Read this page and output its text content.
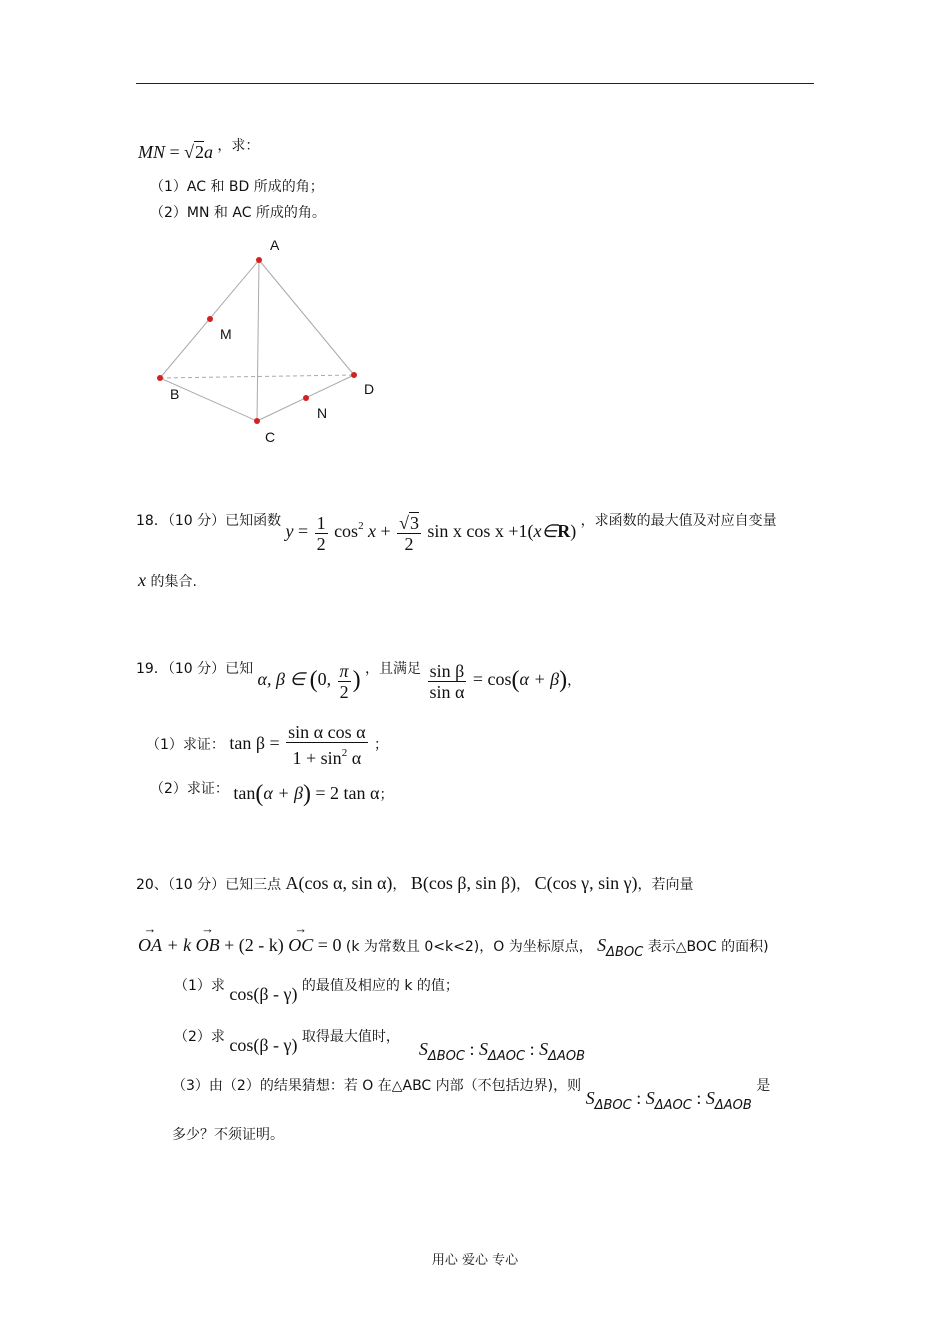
MN = √2a ，求：
（1）AC 和 BD 所成的角；
（2）MN 和 AC 所成的角。
A
M
B	D
N
C
18．（10 分）已知函数 $y = \frac{1}{2} \cos^2 x + \frac{√3}{2}$ sin x cos x +1(x∈R) ，求函数的最大值及对应自变量
x 的集合.
19．（10 分）已知 α, β ∈ (0, $\frac{\pi}{2}$ ) ，且满足 $\frac{\text{sin β}}{\text{sin α}} = \cos(\alpha + \beta)$，
（1）求证： $\tan \beta = \frac{\text{sin α cos α}}{1 + \sin^2 \alpha}$ ；
（2）求证： tan(α + β) = 2 tan α；
20、（10 分）已知三点 A(cos α, sin α)， B(cos β, sin β)， C(cos γ, sin γ)，若向量
→ OA + k → OB + (2 - k) → OC = 0 (k 为常数且 0<k<2)，O 为坐标原点， SΔBOC 表示△BOC 的面积)
（1）求 cos(β - γ) 的最值及相应的 k 的值；
（2）求 cos(β - γ) 取得最大值时，  SΔBOC : SΔAOC : SΔAOB
（3）由（2）的结果猜想：若 O 在△ABC 内部（不包括边界)，则 SΔBOC : SΔAOC : SΔAOB 是
多少？不须证明。
用心 爱心 专心
